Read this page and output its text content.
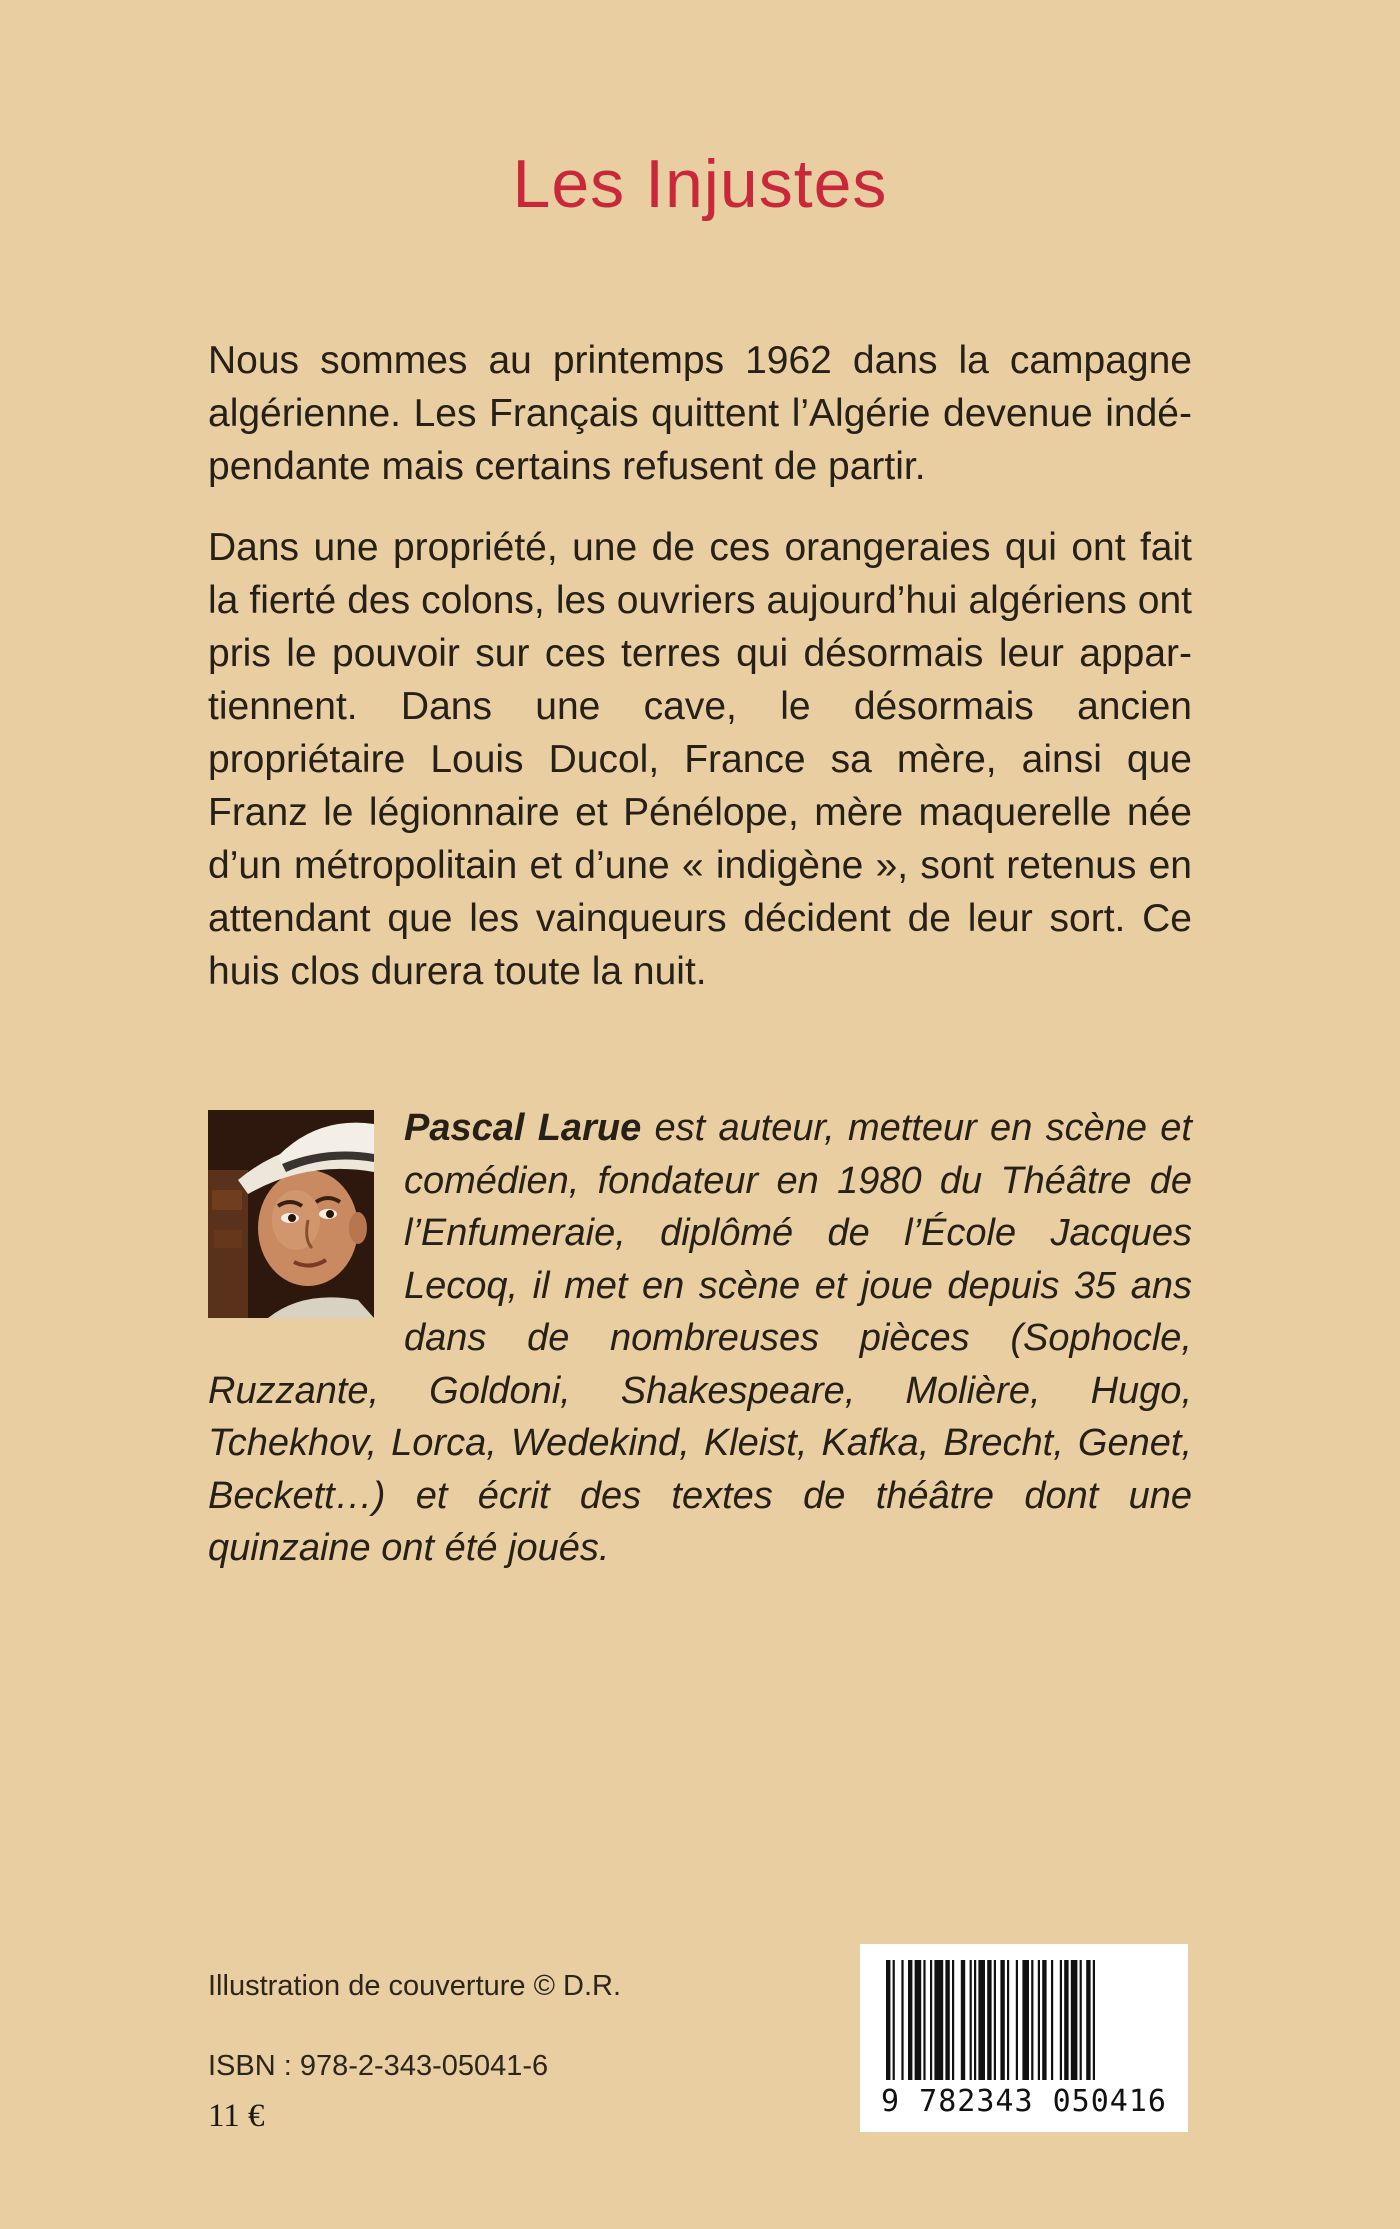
Les Injustes

Nous sommes au printemps 1962 dans la campagne algérienne. Les Français quittent l’Algérie devenue indé-pendante mais certains refusent de partir.

Dans une propriété, une de ces orangeraies qui ont fait la fierté des colons, les ouvriers aujourd’hui algériens ont pris le pouvoir sur ces terres qui désormais leur appar-tiennent. Dans une cave, le désormais ancien propriétaire Louis Ducol, France sa mère, ainsi que Franz le légionnaire et Pénélope, mère maquerelle née d’un métropolitain et d’une « indigène », sont retenus en attendant que les vainqueurs décident de leur sort. Ce huis clos durera toute la nuit.

Pascal Larue est auteur, metteur en scène et comédien, fondateur en 1980 du Théâtre de l’Enfumeraie, diplômé de l’École Jacques Lecoq, il met en scène et joue depuis 35 ans dans de nombreuses pièces (Sophocle, Ruzzante, Goldoni, Shakespeare, Molière, Hugo, Tchekhov, Lorca, Wedekind, Kleist, Kafka, Brecht, Genet, Beckett…) et écrit des textes de théâtre dont une quinzaine ont été joués.
Illustration de couverture © D.R.
ISBN : 978-2-343-05041-6
11 €	9 782343 050416
